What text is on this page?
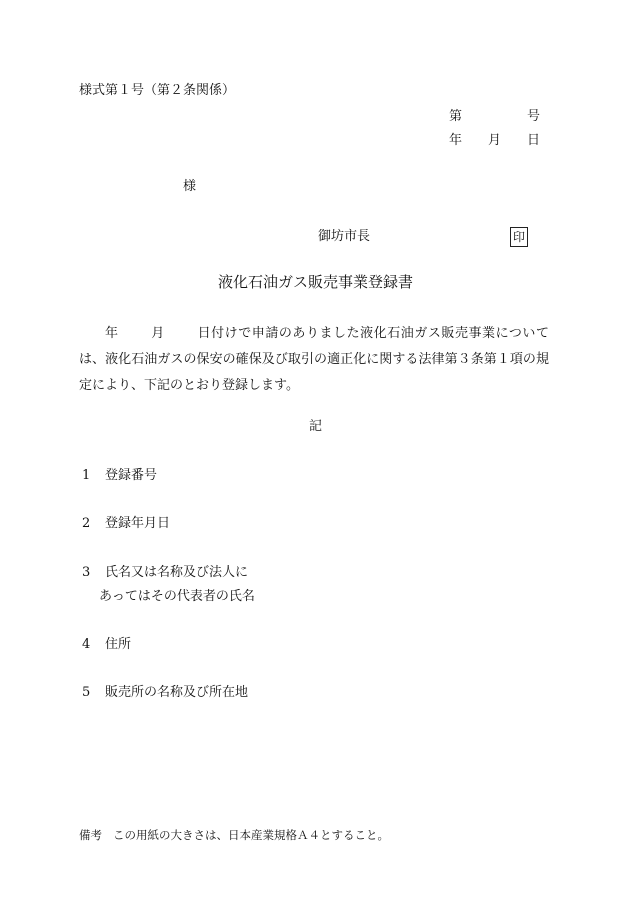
様式第１号（第２条関係）
第	号
年 月 日
様
御坊市長	印
液化石油ガス販売事業登録書
年	月	日付けで申請のありました液化石油ガス販売事業については、液化石油ガスの保安の確保及び取引の適正化に関する法律第３条第１項の規定により、下記のとおり登録します。
記
1 登録番号
2 登録年月日
3 氏名又は名称及び法人に
あってはその代表者の氏名
4 住所
5 販売所の名称及び所在地
備考 この用紙の大きさは、日本産業規格Ａ４とすること。
